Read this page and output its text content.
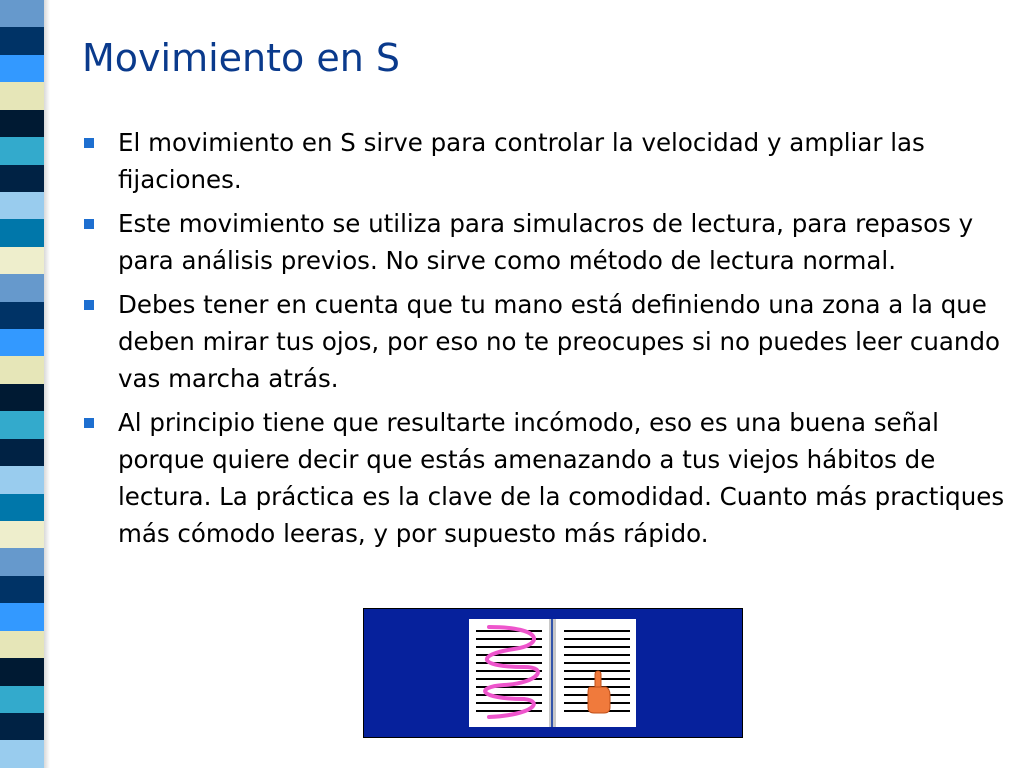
Movimiento en S
El movimiento en S sirve para controlar la velocidad y ampliar las fijaciones.
Este movimiento se utiliza para simulacros de lectura, para repasos y para análisis previos. No sirve como método de lectura normal.
Debes tener en cuenta que tu mano está definiendo una zona a la que deben mirar tus ojos, por eso no te preocupes si no puedes leer cuando vas marcha atrás.
Al principio tiene que resultarte incómodo, eso es una buena señal porque quiere decir que estás amenazando a tus viejos hábitos de lectura. La práctica es la clave de la comodidad. Cuanto más practiques más cómodo leeras, y por supuesto más rápido.
